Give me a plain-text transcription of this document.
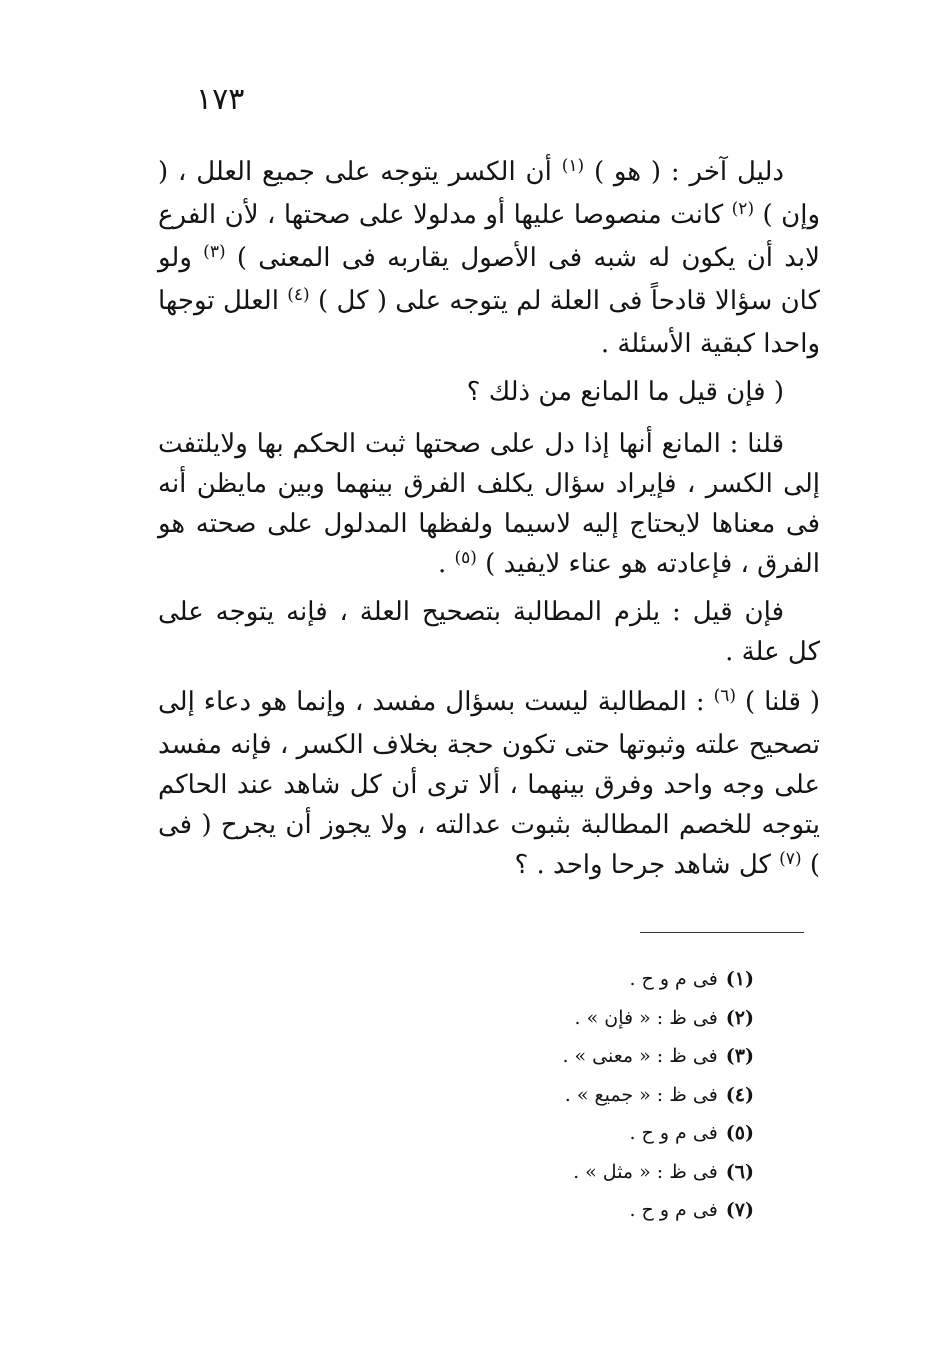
١٧٣

دليل آخر : ( هو ) $^{(١)}$ أن الكسر يتوجه على جميع العلل ، ( وإن ) $^{(٢)}$ كانت منصوصا عليها أو مدلولا على صحتها ، لأن الفرع لابد أن يكون له شبه فى الأصول يقاربه فى المعنى ) $^{(٣)}$ ولو كان سؤالا قادحاً فى العلة لم يتوجه على ( كل ) $^{(٤)}$ العلل توجها واحدا كبقية الأسئلة .

( فإن قيل ما المانع من ذلك ؟

قلنا : المانع أنها إذا دل على صحتها ثبت الحكم بها ولايلتفت إلى الكسر ، فإيراد سؤال يكلف الفرق بينهما وبين مايظن أنه فى معناها لايحتاج إليه لاسيما ولفظها المدلول على صحته هو الفرق ، فإعادته هو عناء لايفيد ) $^{(٥)}$ .

فإن قيل : يلزم المطالبة بتصحيح العلة ، فإنه يتوجه على كل علة .

( قلنا ) $^{(٦)}$ : المطالبة ليست بسؤال مفسد ، وإنما هو دعاء إلى تصحيح علته وثبوتها حتى تكون حجة بخلاف الكسر ، فإنه مفسد على وجه واحد وفرق بينهما ، ألا ترى أن كل شاهد عند الحاكم يتوجه للخصم المطالبة بثبوت عدالته ، ولا يجوز أن يجرح ( فى ) $^{(٧)}$ كل شاهد جرحا واحد . ؟

(١)فى م و ح .
(٢)فى ظ : « فإن » .
(٣)فى ظ : « معنى » .
(٤)فى ظ : « جميع » .
(٥)فى م و ح .
(٦)فى ظ : « مثل » .
(٧)فى م و ح .
